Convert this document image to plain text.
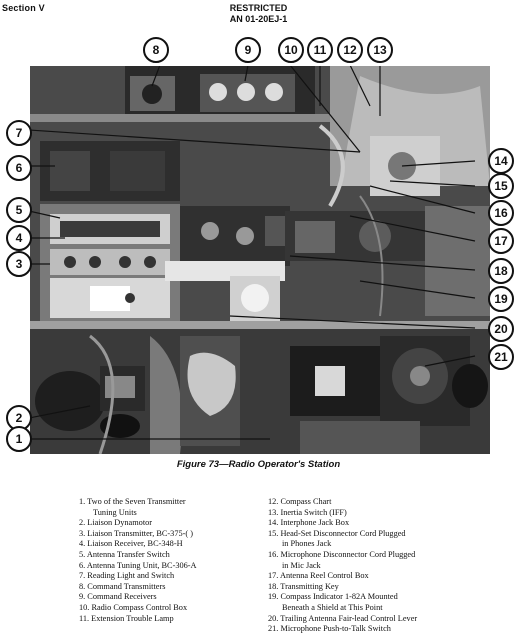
Section V	RESTRICTED
AN 01-20EJ-1
8	9	10	11	12	13
7
6
5
4
3
2
1
14
15
16
17
18
19
20
21
Figure 73—Radio Operator's Station
1. Two of the Seven Transmitter
Tuning Units
2. Liaison Dynamotor
3. Liaison Transmitter, BC-375-( )
4. Liaison Receiver, BC-348-H
5. Antenna Transfer Switch
6. Antenna Tuning Unit, BC-306-A
7. Reading Light and Switch
8. Command Transmitters
9. Command Receivers
10. Radio Compass Control Box
11. Extension Trouble Lamp
12. Compass Chart
13. Inertia Switch (IFF)
14. Interphone Jack Box
15. Head-Set Disconnector Cord Plugged
in Phones Jack
16. Microphone Disconnector Cord Plugged
in Mic Jack
17. Antenna Reel Control Box
18. Transmitting Key
19. Compass Indicator 1-82A Mounted
Beneath a Shield at This Point
20. Trailing Antenna Fair-lead Control Lever
21. Microphone Push-to-Talk Switch
